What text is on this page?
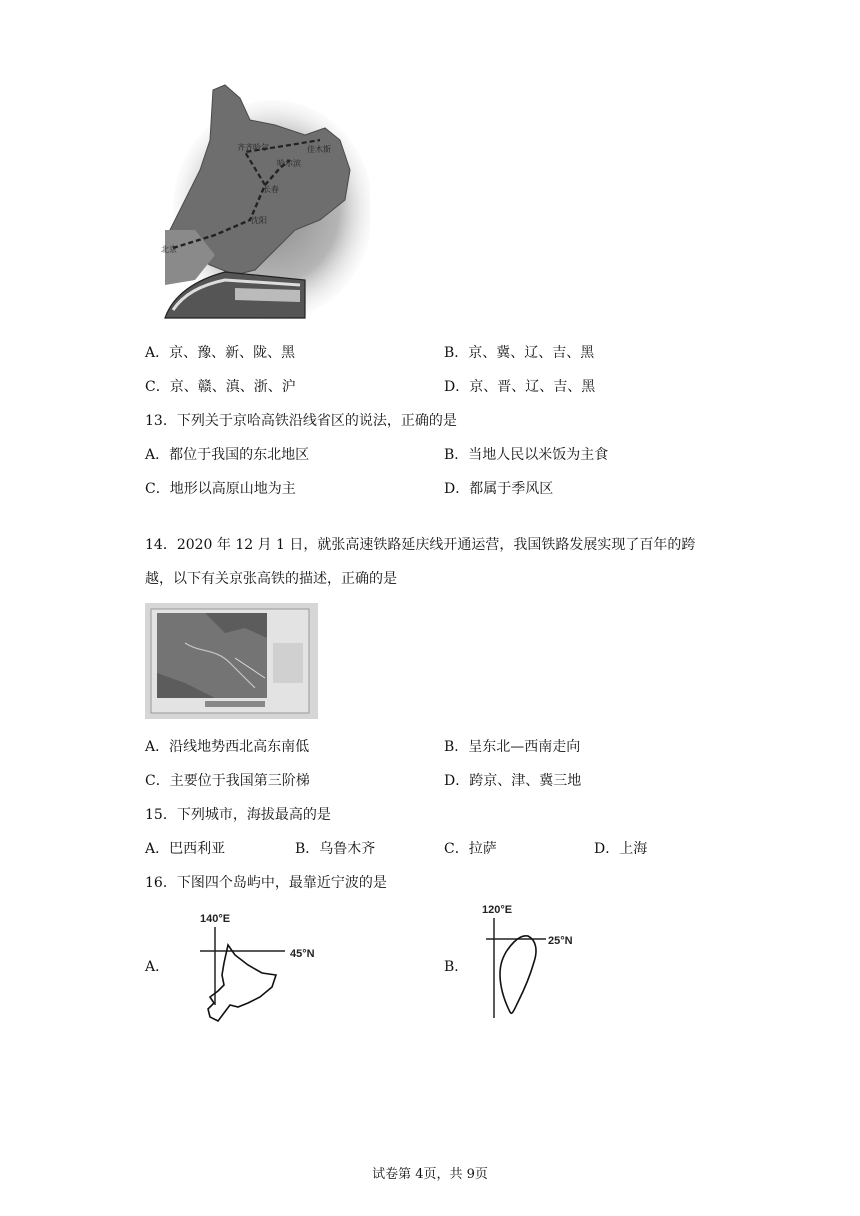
齐齐哈尔
哈尔滨
佳木斯
长春
沈阳
北京
A．京、豫、新、陇、黑	B．京、冀、辽、吉、黑
C．京、赣、滇、浙、沪	D．京、晋、辽、吉、黑
13．下列关于京哈高铁沿线省区的说法，正确的是
A．都位于我国的东北地区	B．当地人民以米饭为主食
C．地形以高原山地为主	D．都属于季风区
14．2020 年 12 月 1 日，就张高速铁路延庆线开通运营，我国铁路发展实现了百年的跨
越，以下有关京张高铁的描述，正确的是
A．沿线地势西北高东南低	B．呈东北—西南走向
C．主要位于我国第三阶梯	D．跨京、津、冀三地
15．下列城市，海拔最高的是
A．巴西利亚	B．乌鲁木齐	C．拉萨	D．上海
16．下图四个岛屿中，最靠近宁波的是
A．
140°E
45°N
B．
120°E
25°N
试卷第 4页，共 9页
